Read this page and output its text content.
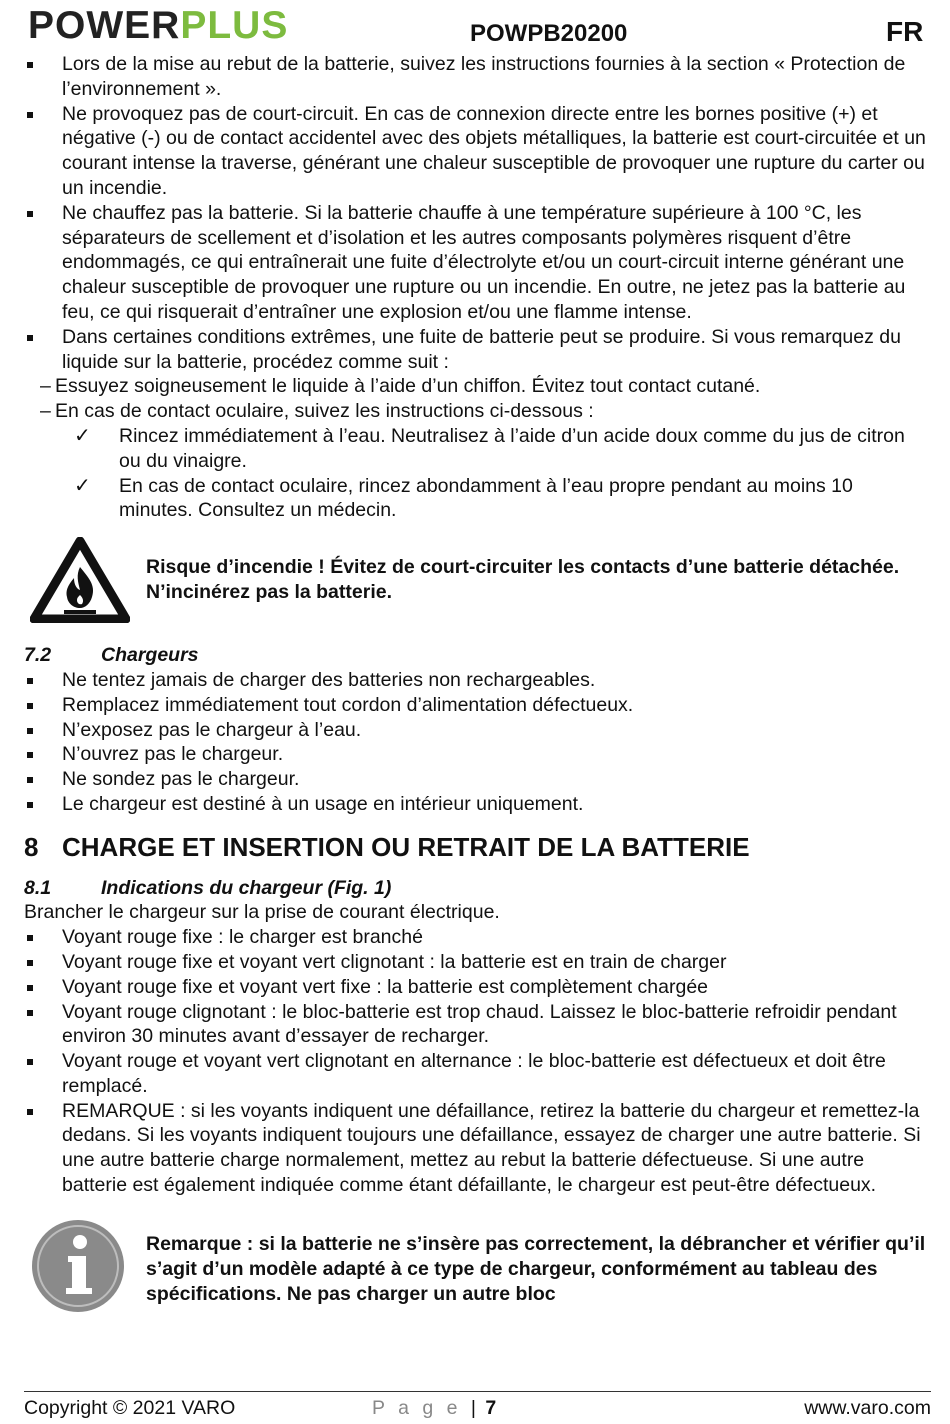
POWERPLUS	POWPB20200	FR
Lors de la mise au rebut de la batterie, suivez les instructions fournies à la section « Protection de l’environnement ».
Ne provoquez pas de court-circuit. En cas de connexion directe entre les bornes positive (+) et négative (-) ou de contact accidentel avec des objets métalliques, la batterie est court-circuitée et un courant intense la traverse, générant une chaleur susceptible de provoquer une rupture du carter ou un incendie.
Ne chauffez pas la batterie. Si la batterie chauffe à une température supérieure à 100 °C, les séparateurs de scellement et d’isolation et les autres composants polymères risquent d’être endommagés, ce qui entraînerait une fuite d’électrolyte et/ou un court-circuit interne générant une chaleur susceptible de provoquer une rupture ou un incendie. En outre, ne jetez pas la batterie au feu, ce qui risquerait d’entraîner une explosion et/ou une flamme intense.
Dans certaines conditions extrêmes, une fuite de batterie peut se produire. Si vous remarquez du liquide sur la batterie, procédez comme suit :
– Essuyez soigneusement le liquide à l’aide d’un chiffon. Évitez tout contact cutané.
– En cas de contact oculaire, suivez les instructions ci-dessous :
✓ Rincez immédiatement à l’eau. Neutralisez à l’aide d’un acide doux comme du jus de citron ou du vinaigre.
✓ En cas de contact oculaire, rincez abondamment à l’eau propre pendant au moins 10 minutes. Consultez un médecin.
Risque d’incendie ! Évitez de court-circuiter les contacts d’une batterie détachée. N’incinérez pas la batterie.
7.2	Chargeurs
Ne tentez jamais de charger des batteries non rechargeables.
Remplacez immédiatement tout cordon d’alimentation défectueux.
N’exposez pas le chargeur à l’eau.
N’ouvrez pas le chargeur.
Ne sondez pas le chargeur.
Le chargeur est destiné à un usage en intérieur uniquement.
8 CHARGE ET INSERTION OU RETRAIT DE LA BATTERIE
8.1	Indications du chargeur (Fig. 1)
Brancher le chargeur sur la prise de courant électrique.
Voyant rouge fixe : le charger est branché
Voyant rouge fixe et voyant vert clignotant : la batterie est en train de charger
Voyant rouge fixe et voyant vert fixe : la batterie est complètement chargée
Voyant rouge clignotant : le bloc-batterie est trop chaud. Laissez le bloc-batterie refroidir pendant environ 30 minutes avant d’essayer de recharger.
Voyant rouge et voyant vert clignotant en alternance : le bloc-batterie est défectueux et doit être remplacé.
REMARQUE : si les voyants indiquent une défaillance, retirez la batterie du chargeur et remettez-la dedans. Si les voyants indiquent toujours une défaillance, essayez de charger une autre batterie. Si une autre batterie charge normalement, mettez au rebut la batterie défectueuse. Si une autre batterie est également indiquée comme étant défaillante, le chargeur est peut-être défectueux.
Remarque : si la batterie ne s’insère pas correctement, la débrancher et vérifier qu’il s’agit d’un modèle adapté à ce type de chargeur, conformément au tableau des spécifications. Ne pas charger un autre bloc
Copyright © 2021 VARO	P a g e | 7	www.varo.com
